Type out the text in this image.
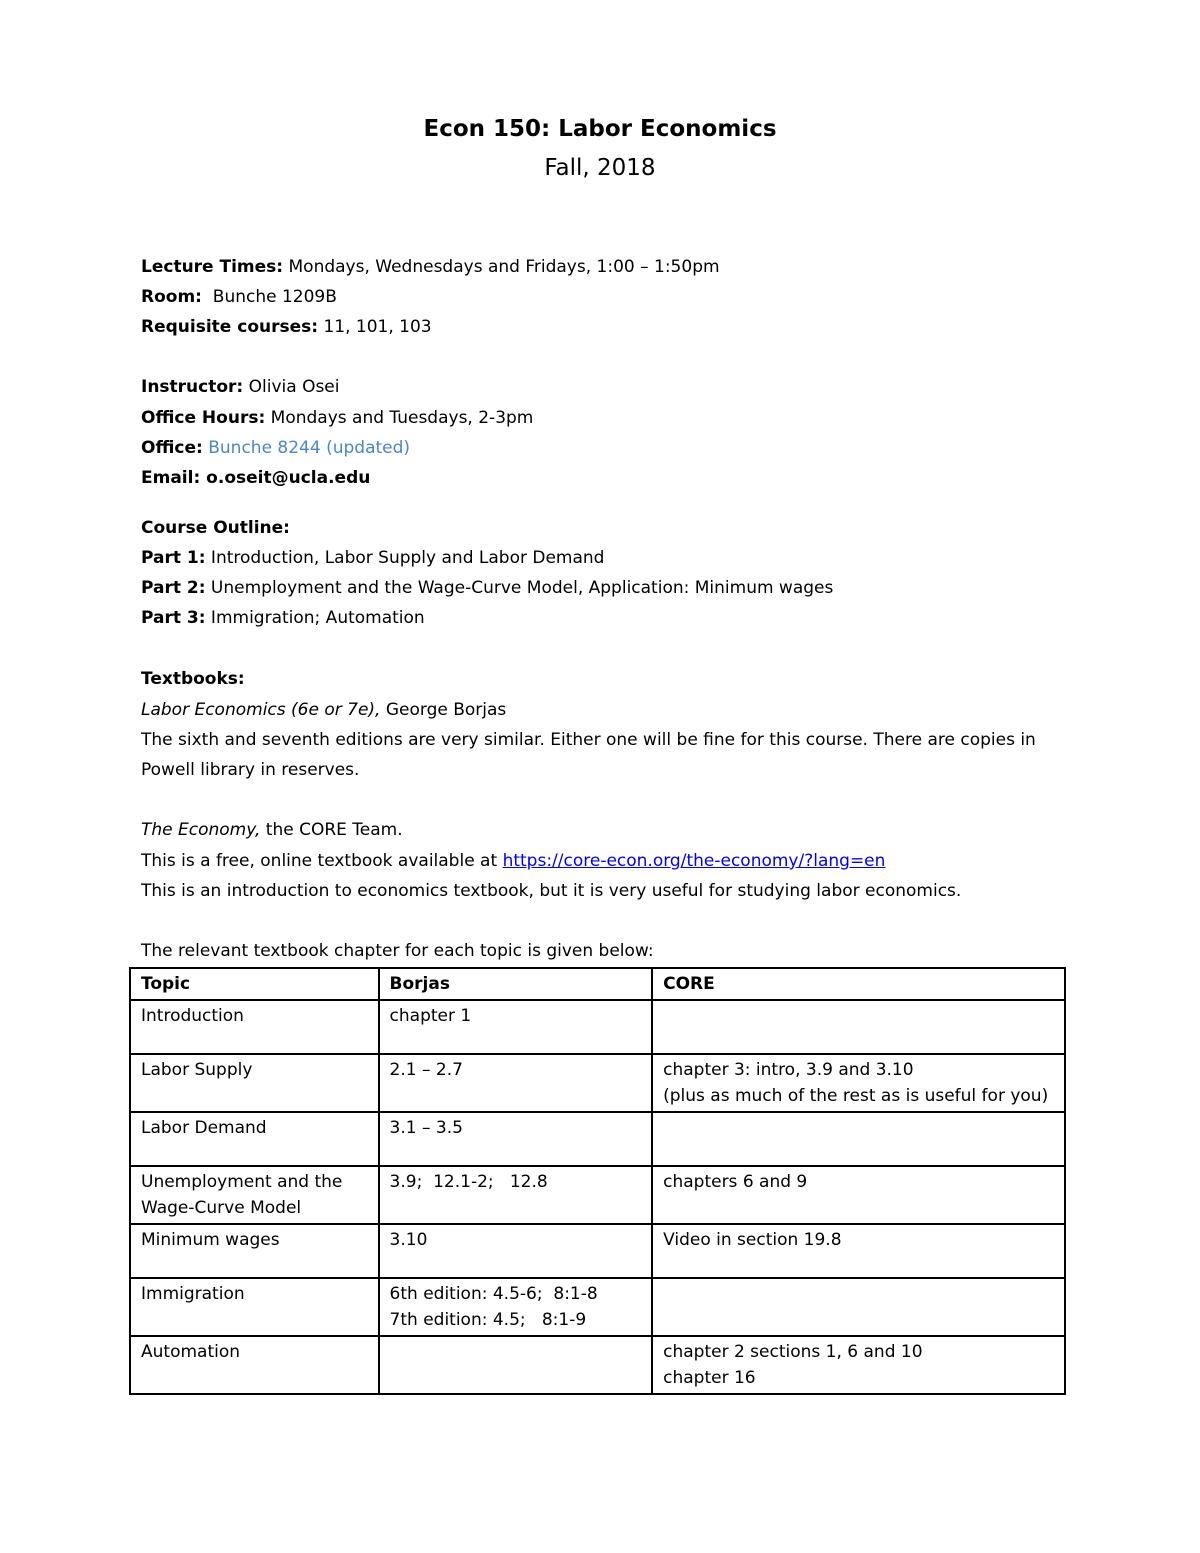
Econ 150: Labor Economics
Fall, 2018
Lecture Times: Mondays, Wednesdays and Fridays, 1:00 – 1:50pm
Room:  Bunche 1209B
Requisite courses: 11, 101, 103
Instructor: Olivia Osei
Office Hours: Mondays and Tuesdays, 2-3pm
Office: Bunche 8244 (updated)
Email: o.oseit@ucla.edu
Course Outline:
Part 1: Introduction, Labor Supply and Labor Demand
Part 2: Unemployment and the Wage-Curve Model, Application: Minimum wages
Part 3: Immigration; Automation
Textbooks:
Labor Economics (6e or 7e), George Borjas
The sixth and seventh editions are very similar. Either one will be fine for this course. There are copies in
Powell library in reserves.
The Economy, the CORE Team.
This is a free, online textbook available at https://core-econ.org/the-economy/?lang=en
This is an introduction to economics textbook, but it is very useful for studying labor economics.
The relevant textbook chapter for each topic is given below:
Topic	Borjas	CORE
Introduction	chapter 1	

Labor Supply	2.1 – 2.7	chapter 3: intro, 3.9 and 3.10
(plus as much of the rest as is useful for you)

Labor Demand	3.1 – 3.5	

Unemployment and the Wage-Curve Model	3.9;  12.1-2;   12.8	chapters 6 and 9

Minimum wages	3.10	Video in section 19.8

Immigration	6th edition: 4.5-6;  8:1-8
7th edition: 4.5;   8:1-9	

Automation		chapter 2 sections 1, 6 and 10
chapter 16
